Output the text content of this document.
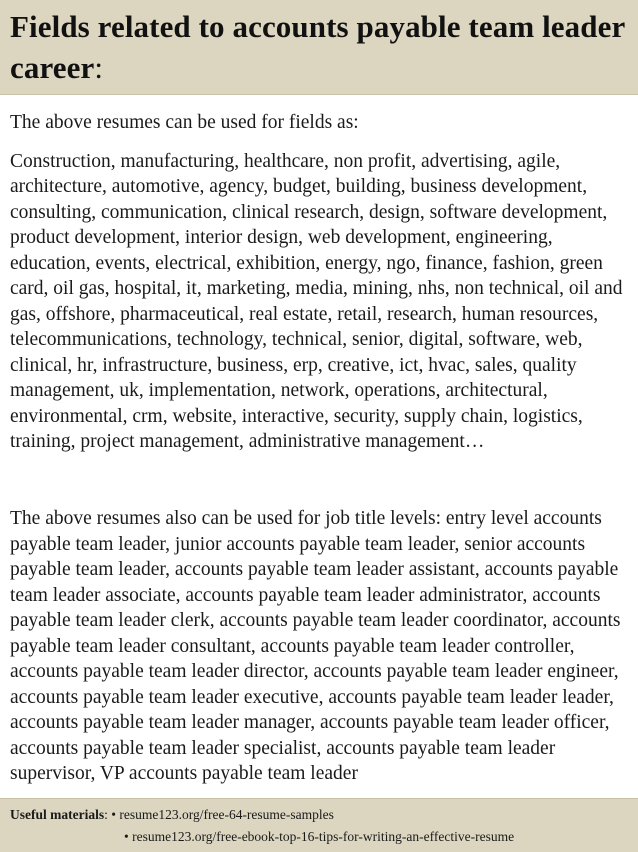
Fields related to accounts payable team leader career:

The above resumes can be used for fields as:

Construction, manufacturing, healthcare, non profit, advertising, agile, architecture, automotive, agency, budget, building, business development, consulting, communication, clinical research, design, software development, product development, interior design, web development, engineering, education, events, electrical, exhibition, energy, ngo, finance, fashion, green card, oil gas, hospital, it, marketing, media, mining, nhs, non technical, oil and gas, offshore, pharmaceutical, real estate, retail, research, human resources, telecommunications, technology, technical, senior, digital, software, web, clinical, hr, infrastructure, business, erp, creative, ict, hvac, sales, quality management, uk, implementation, network, operations, architectural, environmental, crm, website, interactive, security, supply chain, logistics, training, project management, administrative management…

The above resumes also can be used for job title levels: entry level accounts payable team leader, junior accounts payable team leader, senior accounts payable team leader, accounts payable team leader assistant, accounts payable team leader associate, accounts payable team leader administrator, accounts payable team leader clerk, accounts payable team leader coordinator, accounts payable team leader consultant, accounts payable team leader controller, accounts payable team leader director, accounts payable team leader engineer, accounts payable team leader executive, accounts payable team leader leader, accounts payable team leader manager, accounts payable team leader officer, accounts payable team leader specialist, accounts payable team leader supervisor, VP accounts payable team leader

Useful materials: • resume123.org/free-64-resume-samples
• resume123.org/free-ebook-top-16-tips-for-writing-an-effective-resume
